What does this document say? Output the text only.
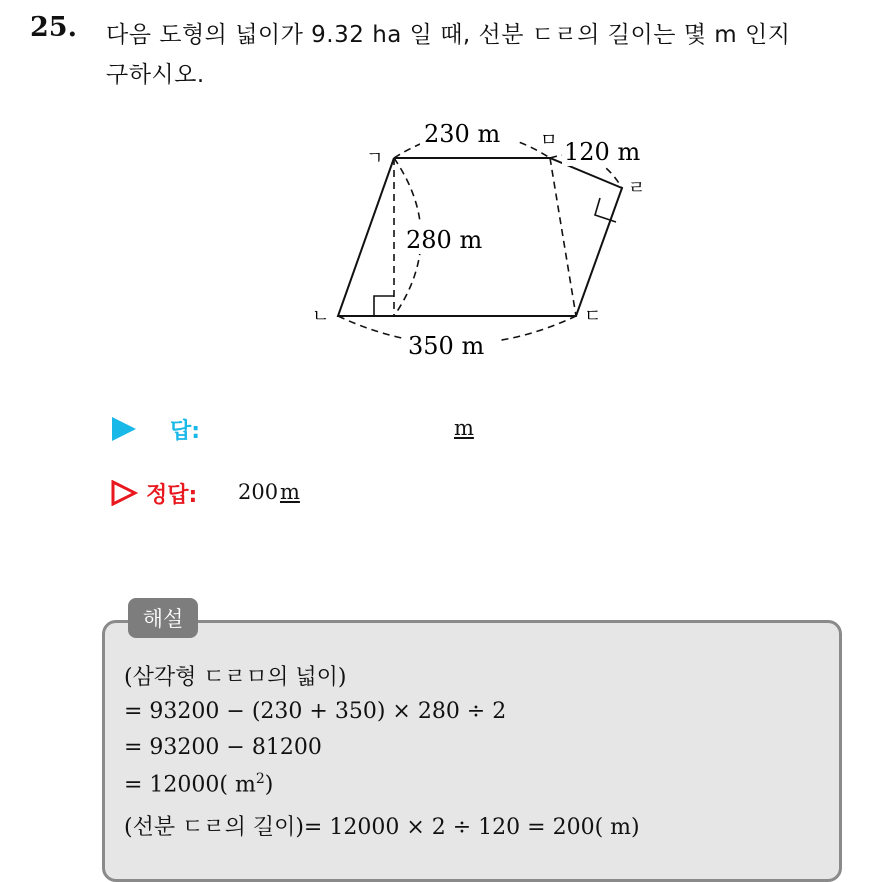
25. 다음 도형의 넓이가 9.32 ha 일 때, 선분 ㄷㄹ의 길이는 몇 m 인지
구하시오.
ㄱ
ㄴ	ㄷ
ㄹ
ㅁ
230 m
120 m
280 m
350 m
답:	m
정답: 200 m
해설
(삼각형 ㄷㄹㅁ의 넓이)
= 93200 − (230 + 350) × 280 ÷ 2
= 93200 − 81200
= 12000( $m^2$)
(선분 ㄷㄹ의 길이)= 12000 × 2 ÷ 120 = 200( m)
